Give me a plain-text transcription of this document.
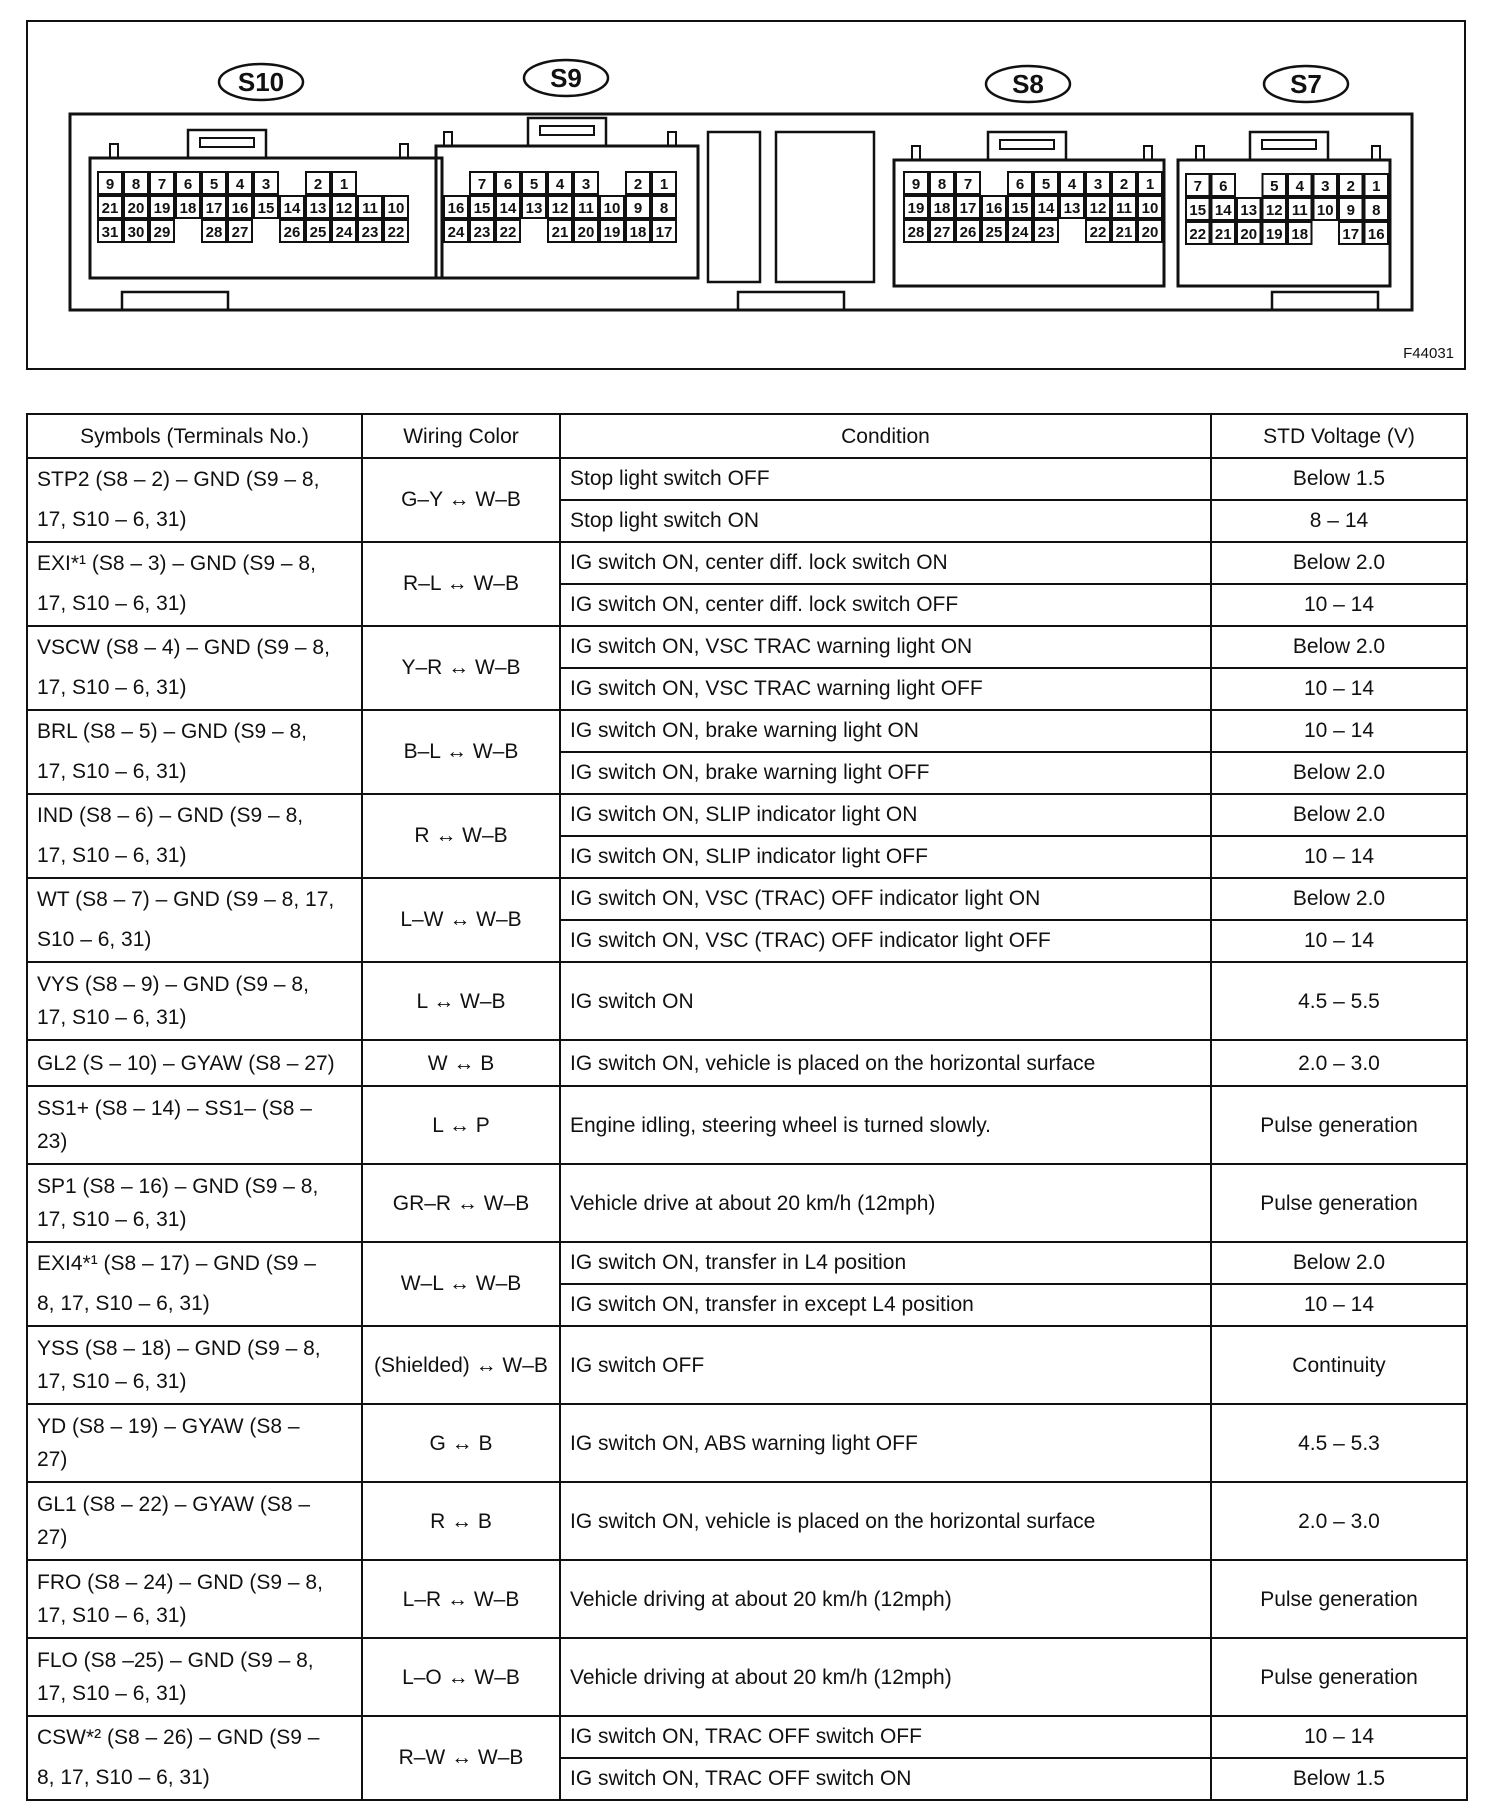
S10
9 8 7 6 5 4 3	2 1
21 20 19 18 17 16 15 14 13 12 11 10
31 30 29 28 27 26 25 24 23 22
S9
7 6 5 4 3	2 1
16 15 14 13 12 11 10 9 8
24 23 22 21 20 19 18 17
S8
9 8 7	6 5 4 3 2 1
19 18 17 16 15 14 13 12 11 10
28 27 26 25 24 23 22 21 20
S7
7 6	5 4 3 2 1
15 14 13 12 11 10 9 8
22 21 20 19 18 17 16
F44031
Symbols (Terminals No.)	Wiring Color	Condition	STD Voltage (V)

STP2 (S8 – 2) – GND (S9 – 8,
17, S10 – 6, 31)	G–Y ↔ W–B	Stop light switch OFF	Below 1.5
		Stop light switch ON	8 – 14

EXI*¹ (S8 – 3) – GND (S9 – 8,
17, S10 – 6, 31)	R–L ↔ W–B	IG switch ON, center diff. lock switch ON	Below 2.0
		IG switch ON, center diff. lock switch OFF	10 – 14

VSCW (S8 – 4) – GND (S9 – 8,
17, S10 – 6, 31)	Y–R ↔ W–B	IG switch ON, VSC TRAC warning light ON	Below 2.0
		IG switch ON, VSC TRAC warning light OFF	10 – 14

BRL (S8 – 5) – GND (S9 – 8,
17, S10 – 6, 31)	B–L ↔ W–B	IG switch ON, brake warning light ON	10 – 14
		IG switch ON, brake warning light OFF	Below 2.0

IND (S8 – 6) – GND (S9 – 8,
17, S10 – 6, 31)	R ↔ W–B	IG switch ON, SLIP indicator light ON	Below 2.0
		IG switch ON, SLIP indicator light OFF	10 – 14

WT (S8 – 7) – GND (S9 – 8, 17,
S10 – 6, 31)	L–W ↔ W–B	IG switch ON, VSC (TRAC) OFF indicator light ON	Below 2.0
		IG switch ON, VSC (TRAC) OFF indicator light OFF	10 – 14

VYS (S8 – 9) – GND (S9 – 8,
17, S10 – 6, 31)	L ↔ W–B	IG switch ON	4.5 – 5.5

GL2 (S – 10) – GYAW (S8 – 27)	W ↔ B	IG switch ON, vehicle is placed on the horizontal surface	2.0 – 3.0

SS1+ (S8 – 14) – SS1– (S8 –
23)	L ↔ P	Engine idling, steering wheel is turned slowly.	Pulse generation

SP1 (S8 – 16) – GND (S9 – 8,
17, S10 – 6, 31)	GR–R ↔ W–B	Vehicle drive at about 20 km/h (12mph)	Pulse generation

EXI4*¹ (S8 – 17) – GND (S9 –
8, 17, S10 – 6, 31)	W–L ↔ W–B	IG switch ON, transfer in L4 position	Below 2.0
		IG switch ON, transfer in except L4 position	10 – 14

YSS (S8 – 18) – GND (S9 – 8,
17, S10 – 6, 31)	(Shielded) ↔ W–B	IG switch OFF	Continuity

YD (S8 – 19) – GYAW (S8 –
27)	G ↔ B	IG switch ON, ABS warning light OFF	4.5 – 5.3

GL1 (S8 – 22) – GYAW (S8 –
27)	R ↔ B	IG switch ON, vehicle is placed on the horizontal surface	2.0 – 3.0

FRO (S8 – 24) – GND (S9 – 8,
17, S10 – 6, 31)	L–R ↔ W–B	Vehicle driving at about 20 km/h (12mph)	Pulse generation

FLO (S8 –25) – GND (S9 – 8,
17, S10 – 6, 31)	L–O ↔ W–B	Vehicle driving at about 20 km/h (12mph)	Pulse generation

CSW*² (S8 – 26) – GND (S9 –
8, 17, S10 – 6, 31)	R–W ↔ W–B	IG switch ON, TRAC OFF switch OFF	10 – 14
		IG switch ON, TRAC OFF switch ON	Below 1.5
